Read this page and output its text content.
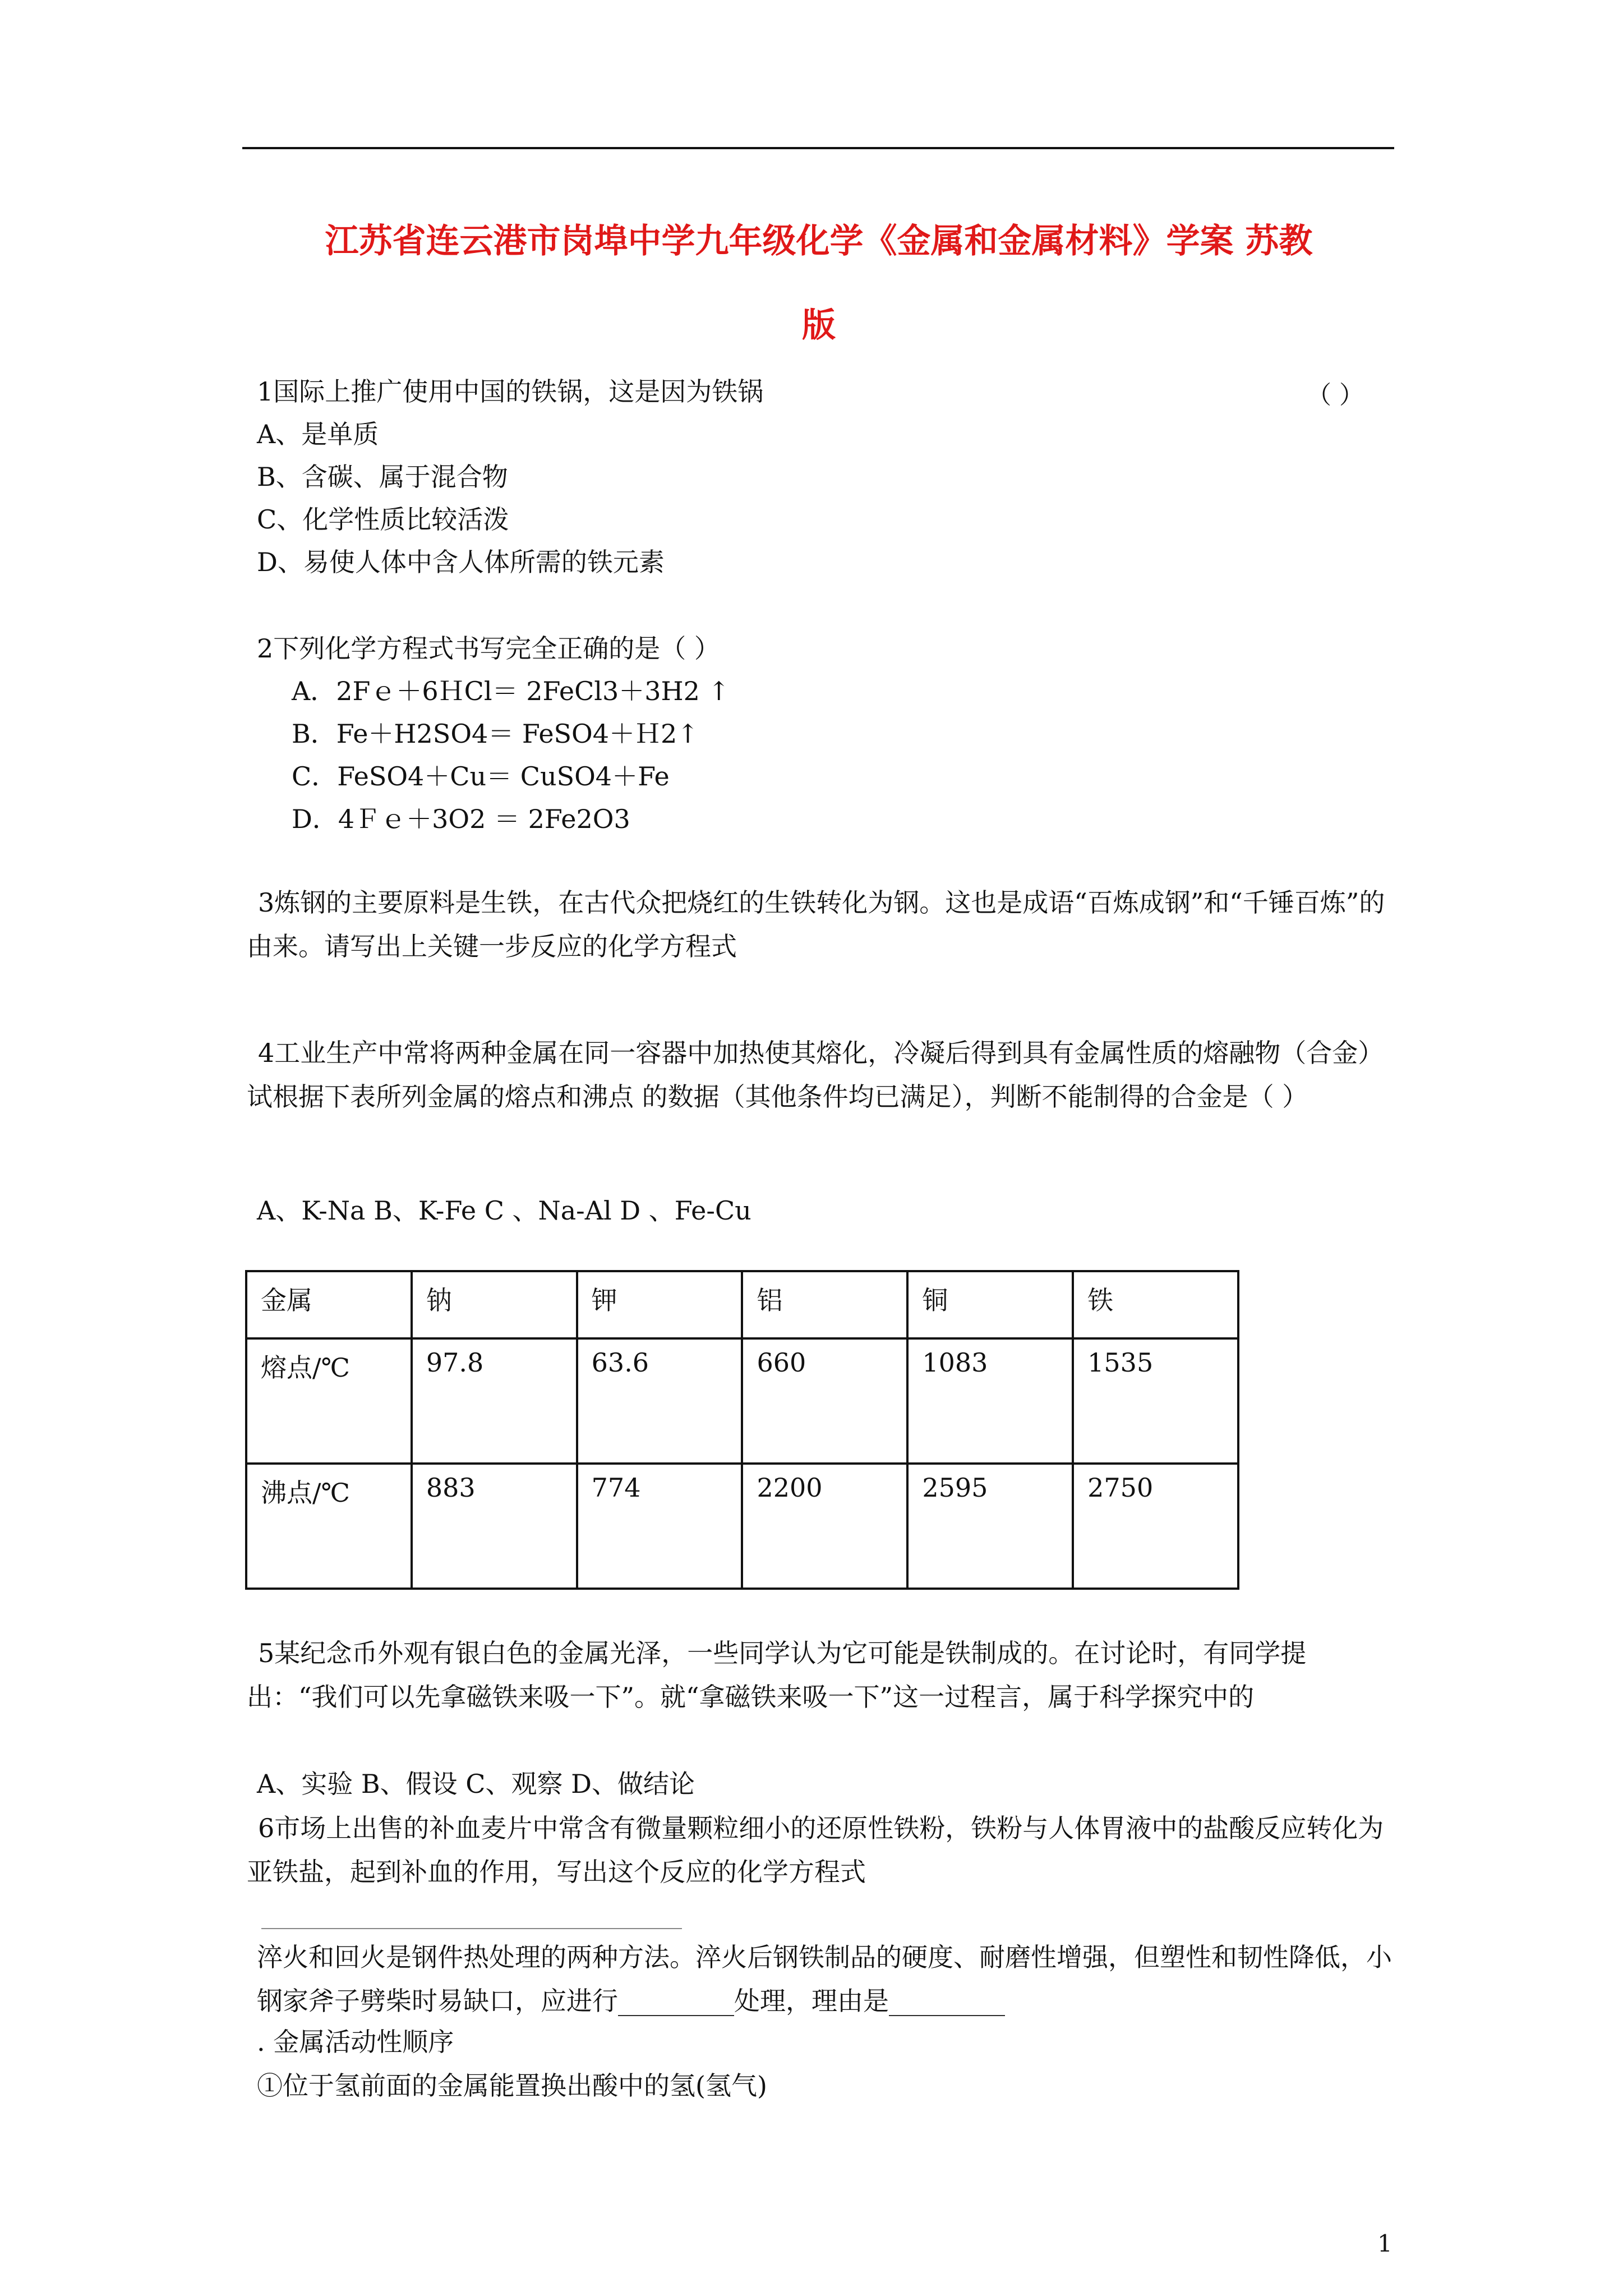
江苏省连云港市岗埠中学九年级化学《金属和金属材料》学案 苏教
版
1国际上推广使用中国的铁锅，这是因为铁锅	（ ）
A、是单质
B、含碳、属于混合物
C、化学性质比较活泼
D、易使人体中含人体所需的铁元素
2下列化学方程式书写完全正确的是（ ）
A．2Fｅ＋6ＨCl＝ 2FeCl3＋3H2 ↑
B．Fe＋H2SO4＝ FeSO4＋Ｈ2↑
C．FeSO4＋Cu＝ CuSO4＋Fe
D．4Ｆｅ＋3O2 ＝ 2Fe2O3
3炼钢的主要原料是生铁，在古代众把烧红的生铁转化为钢。这也是成语“百炼成钢”和“千锤百炼”的由来。请写出上关键一步反应的化学方程式
4工业生产中常将两种金属在同一容器中加热使其熔化，冷凝后得到具有金属性质的熔融物（合金）试根据下表所列金属的熔点和沸点 的数据（其他条件均已满足），判断不能制得的合金是（ ）
A、K-Na B、K-Fe C 、Na-Al D 、Fe-Cu
金属	钠	钾	铝	铜	铁
熔点/℃	97.8	63.6	660	1083	1535
沸点/℃	883	774	2200	2595	2750
5某纪念币外观有银白色的金属光泽，一些同学认为它可能是铁制成的。在讨论时，有同学提出：“我们可以先拿磁铁来吸一下”。就“拿磁铁来吸一下”这一过程言，属于科学探究中的
A、实验 B、假设 C、观察 D、做结论
6市场上出售的补血麦片中常含有微量颗粒细小的还原性铁粉，铁粉与人体胃液中的盐酸反应转化为亚铁盐，起到补血的作用，写出这个反应的化学方程式
淬火和回火是钢件热处理的两种方法。淬火后钢铁制品的硬度、耐磨性增强，但塑性和韧性降低，小钢家斧子劈柴时易缺口，应进行_________处理，理由是_________
. 金属活动性顺序
①位于氢前面的金属能置换出酸中的氢(氢气)
1
